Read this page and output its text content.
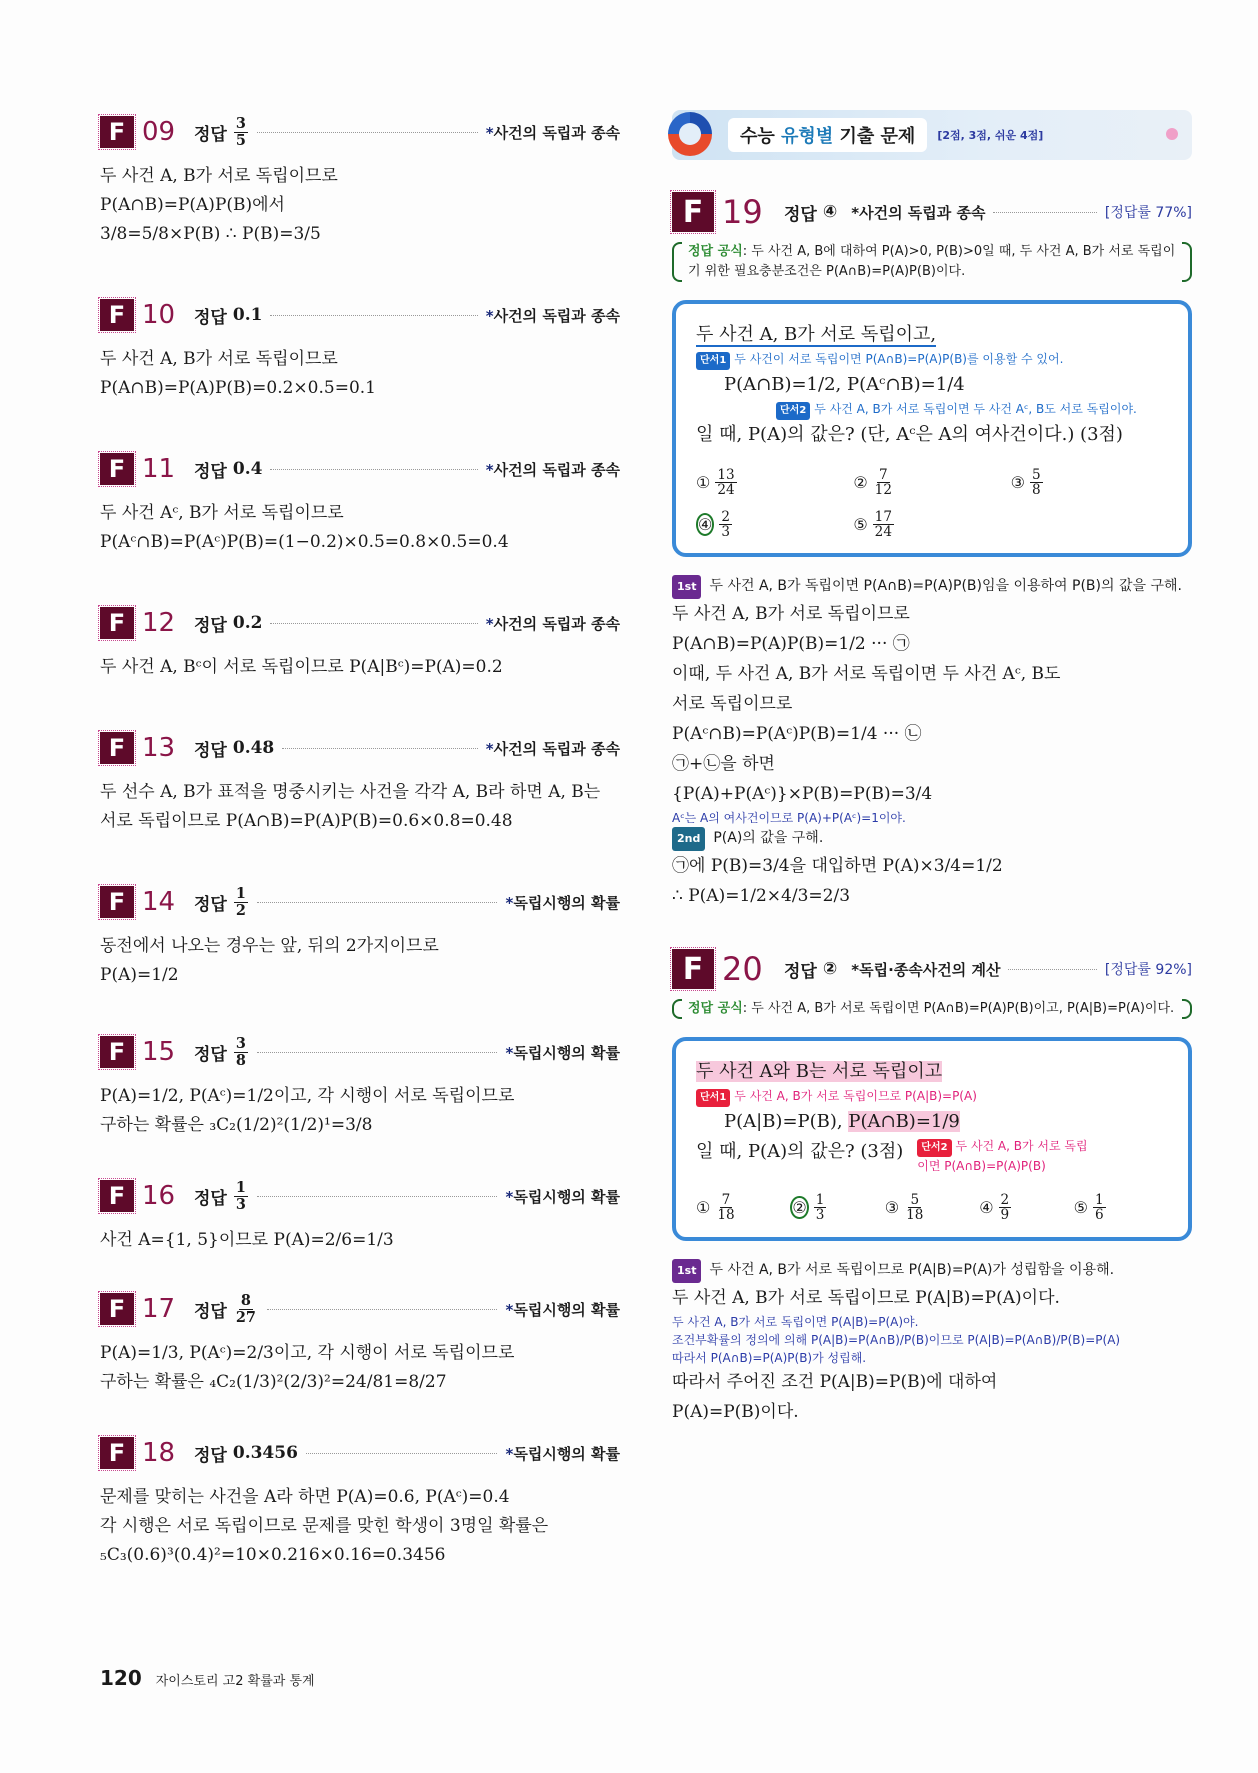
F 09	정답 $\frac{3}{5}$	*사건의 독립과 종속
두 사건 A, B가 서로 독립이므로
P(A∩B)=P(A)P(B)에서
3/8=5/8×P(B) ∴ P(B)=3/5
F 10	정답 0.1	*사건의 독립과 종속
두 사건 A, B가 서로 독립이므로
P(A∩B)=P(A)P(B)=0.2×0.5=0.1
F 11	정답 0.4	*사건의 독립과 종속
두 사건 Aᶜ, B가 서로 독립이므로
P(Aᶜ∩B)=P(Aᶜ)P(B)=(1−0.2)×0.5=0.8×0.5=0.4
F 12	정답 0.2	*사건의 독립과 종속
두 사건 A, Bᶜ이 서로 독립이므로 P(A|Bᶜ)=P(A)=0.2
F 13	정답 0.48	*사건의 독립과 종속
두 선수 A, B가 표적을 명중시키는 사건을 각각 A, B라 하면 A, B는
서로 독립이므로 P(A∩B)=P(A)P(B)=0.6×0.8=0.48
F 14	정답 $\frac{1}{2}$	*독립시행의 확률
동전에서 나오는 경우는 앞, 뒤의 2가지이므로
P(A)=1/2
F 15	정답 $\frac{3}{8}$	*독립시행의 확률
P(A)=1/2, P(Aᶜ)=1/2이고, 각 시행이 서로 독립이므로
구하는 확률은 ₃C₂(1/2)²(1/2)¹=3/8
F 16	정답 $\frac{1}{3}$	*독립시행의 확률
사건 A={1, 5}이므로 P(A)=2/6=1/3
F 17	정답 $\frac{8}{27}$	*독립시행의 확률
P(A)=1/3, P(Aᶜ)=2/3이고, 각 시행이 서로 독립이므로
구하는 확률은 ₄C₂(1/3)²(2/3)²=24/81=8/27
F 18	정답 0.3456	*독립시행의 확률
문제를 맞히는 사건을 A라 하면 P(A)=0.6, P(Aᶜ)=0.4
각 시행은 서로 독립이므로 문제를 맞힌 학생이 3명일 확률은
₅C₃(0.6)³(0.4)²=10×0.216×0.16=0.3456
수능 유형별 기출 문제	[2점, 3점, 쉬운 4점]
F 19	정답 ④ *사건의 독립과 종속	[정답률 77%]
정답 공식: 두 사건 A, B에 대하여 P(A)>0, P(B)>0일 때, 두 사건 A, B가 서로 독립이기 위한 필요충분조건은 P(A∩B)=P(A)P(B)이다.
두 사건 A, B가 서로 독립이고,
단서1 두 사건이 서로 독립이면 P(A∩B)=P(A)P(B)를 이용할 수 있어.
P(A∩B)=1/2, P(Aᶜ∩B)=1/4
단서2 두 사건 A, B가 서로 독립이면 두 사건 Aᶜ, B도 서로 독립이야.
일 때, P(A)의 값은? (단, Aᶜ은 A의 여사건이다.) (3점)
① $\frac{13}{24}$	② $\frac{7}{12}$	③ $\frac{5}{8}$
④ $\frac{2}{3}$	⑤ $\frac{17}{24}$
1st 두 사건 A, B가 독립이면 P(A∩B)=P(A)P(B)임을 이용하여 P(B)의 값을 구해.
두 사건 A, B가 서로 독립이므로
P(A∩B)=P(A)P(B)=1/2 ··· ㉠
이때, 두 사건 A, B가 서로 독립이면 두 사건 Aᶜ, B도
서로 독립이므로
P(Aᶜ∩B)=P(Aᶜ)P(B)=1/4 ··· ㉡
㉠+㉡을 하면
{P(A)+P(Aᶜ)}×P(B)=P(B)=3/4
Aᶜ는 A의 여사건이므로 P(A)+P(Aᶜ)=1이야.
2nd P(A)의 값을 구해.
㉠에 P(B)=3/4을 대입하면 P(A)×3/4=1/2
∴ P(A)=1/2×4/3=2/3
F 20	정답 ② *독립·종속사건의 계산	[정답률 92%]
정답 공식: 두 사건 A, B가 서로 독립이면 P(A∩B)=P(A)P(B)이고, P(A|B)=P(A)이다.
두 사건 A와 B는 서로 독립이고
단서1 두 사건 A, B가 서로 독립이므로 P(A|B)=P(A)
P(A|B)=P(B), P(A∩B)=1/9
일 때, P(A)의 값은? (3점)	단서2 두 사건 A, B가 서로 독립이면 P(A∩B)=P(A)P(B)
① $\frac{7}{18}$	② $\frac{1}{3}$	③ $\frac{5}{18}$	④ $\frac{2}{9}$	⑤ $\frac{1}{6}$
1st 두 사건 A, B가 서로 독립이므로 P(A|B)=P(A)가 성립함을 이용해.
두 사건 A, B가 서로 독립이므로 P(A|B)=P(A)이다.
두 사건 A, B가 서로 독립이면 P(A|B)=P(A)야.
조건부확률의 정의에 의해 P(A|B)=P(A∩B)/P(B)이므로 P(A|B)=P(A∩B)/P(B)=P(A)
따라서 P(A∩B)=P(A)P(B)가 성립해.
따라서 주어진 조건 P(A|B)=P(B)에 대하여
P(A)=P(B)이다.
120 자이스토리 고2 확률과 통계
